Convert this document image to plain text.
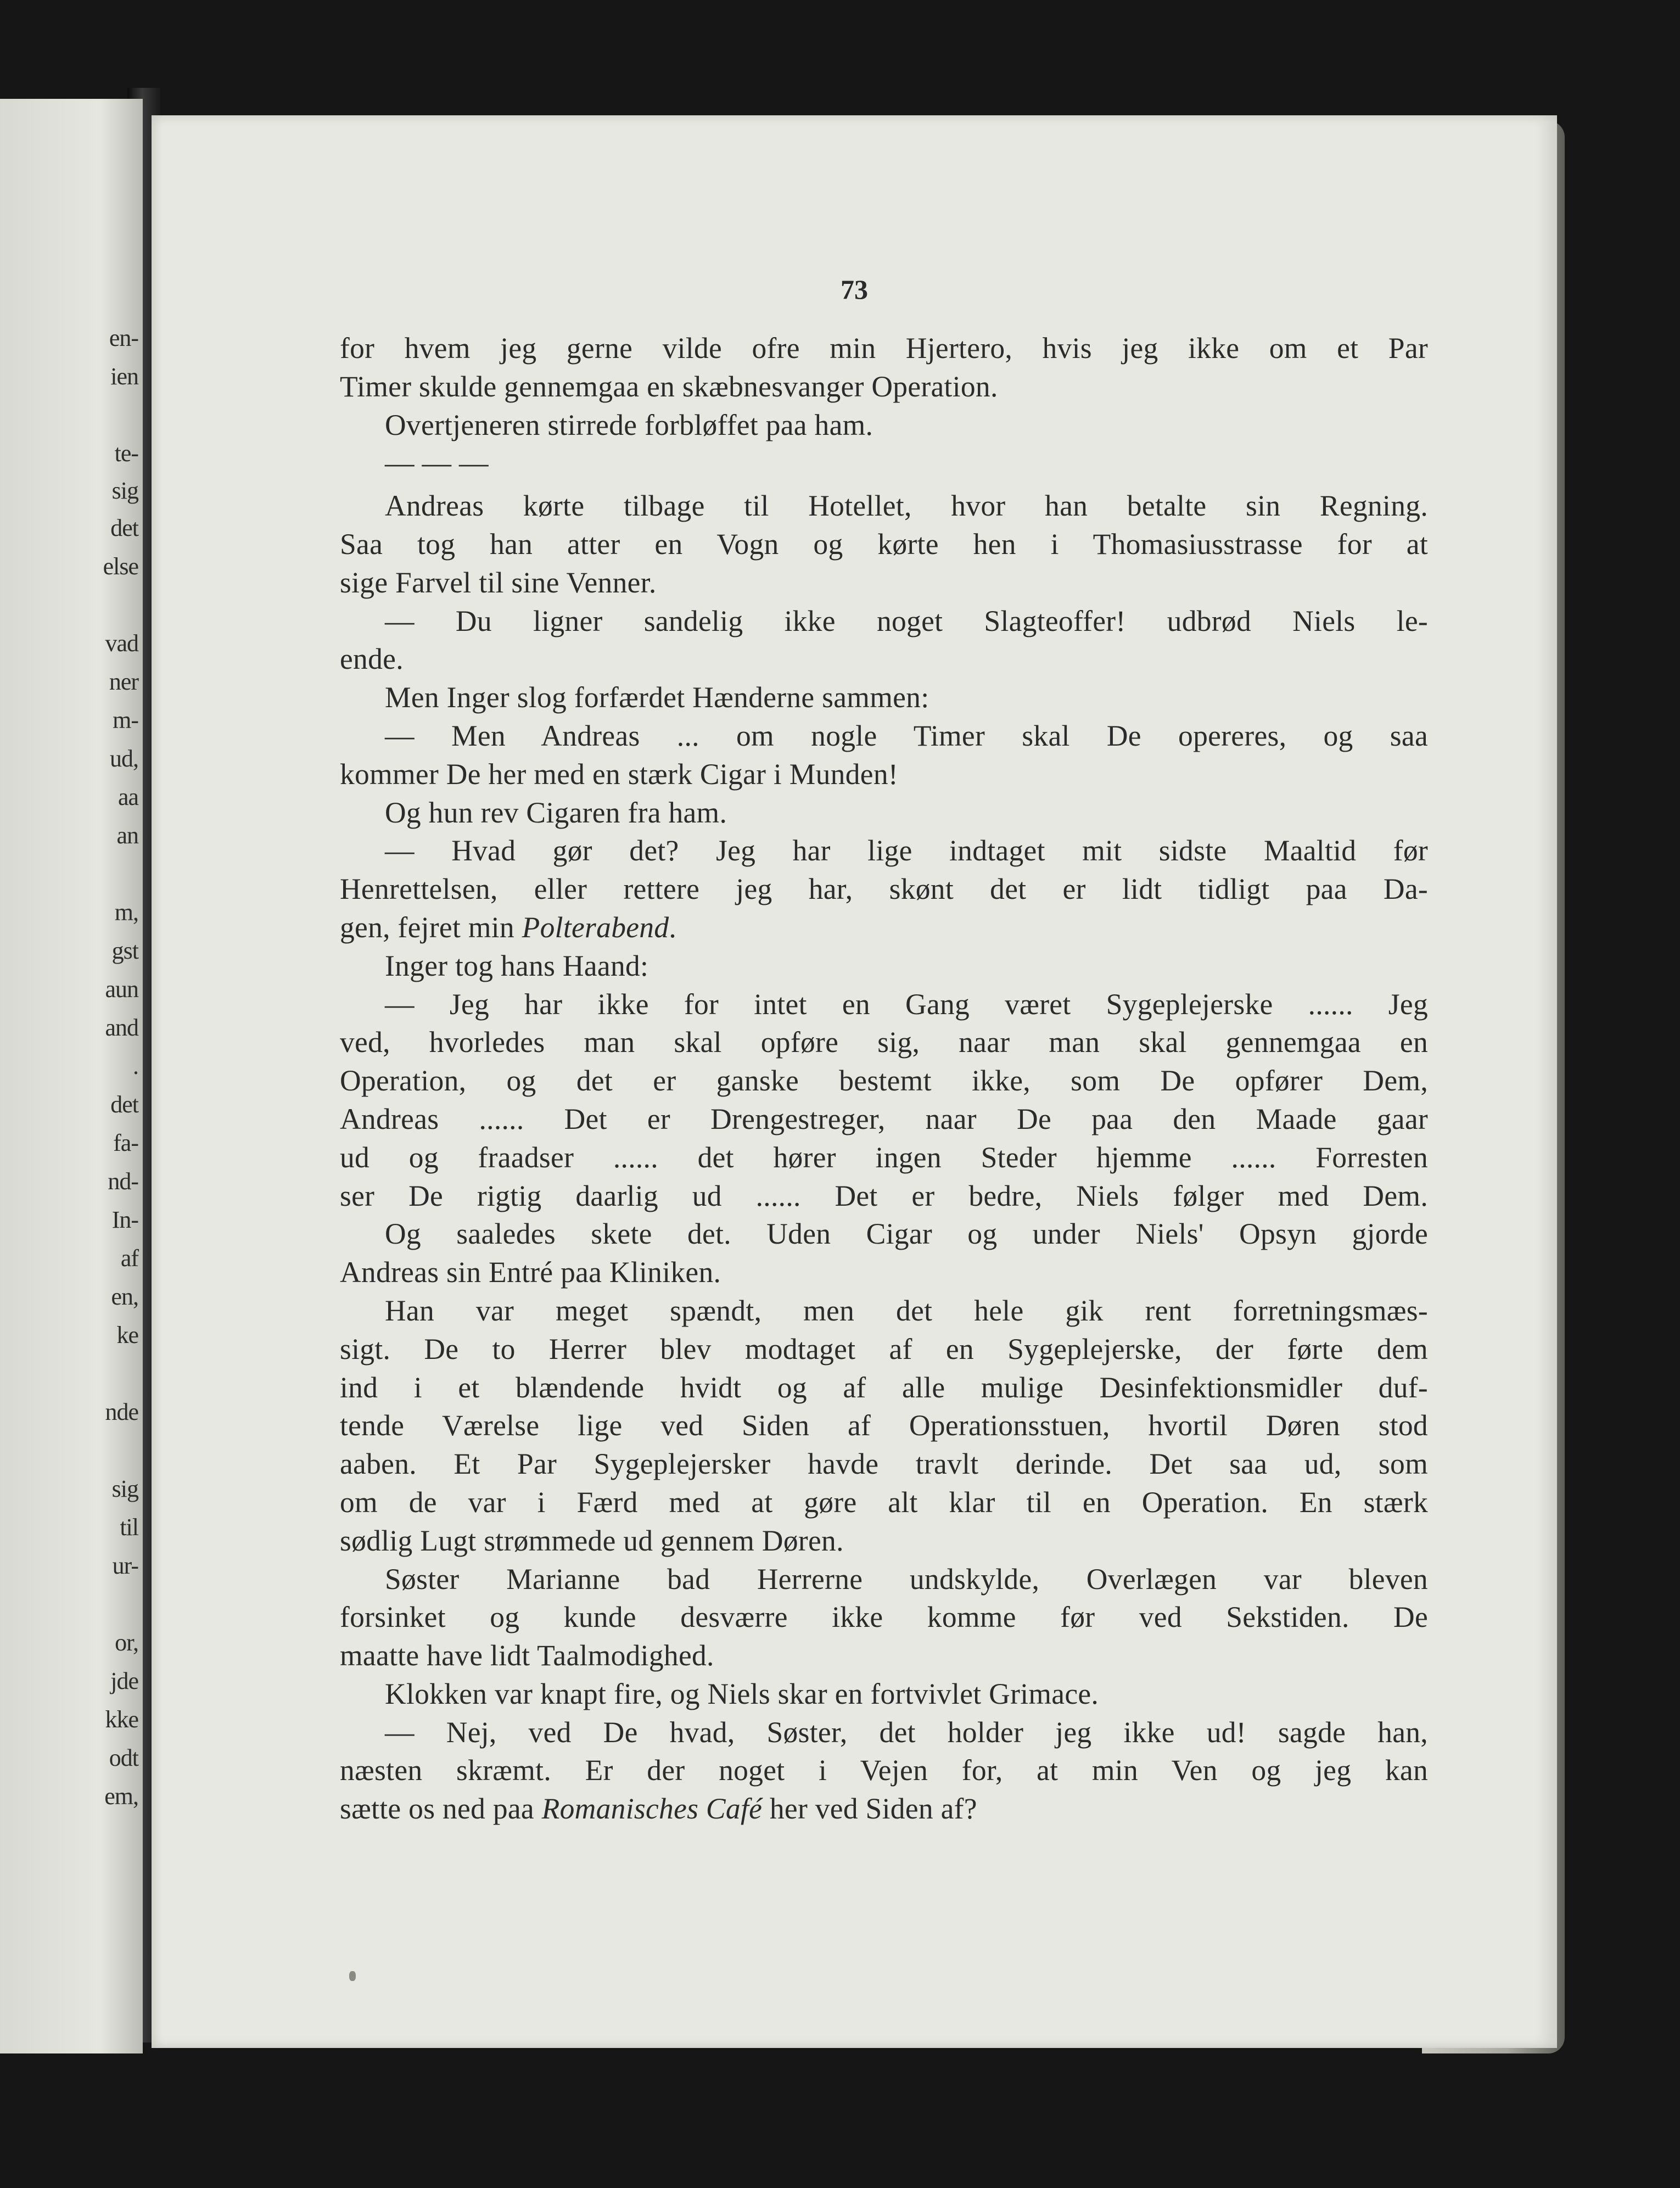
en-
ien
te-
sig
det
else
vad
ner
m-
ud,
aa
an
m,
gst
aun
and
.
det
fa-
nd-
In-
af
en,
ke
nde
sig
til
ur-
or,
jde
kke
odt
em,
73
for hvem jeg gerne vilde ofre min Hjertero, hvis jeg ikke om et Par
Timer skulde gennemgaa en skæbnesvanger Operation.
Overtjeneren stirrede forbløffet paa ham.
— — —
Andreas kørte tilbage til Hotellet, hvor han betalte sin Regning.
Saa tog han atter en Vogn og kørte hen i Thomasiusstrasse for at
sige Farvel til sine Venner.
— Du ligner sandelig ikke noget Slagteoffer! udbrød Niels le-
ende.
Men Inger slog forfærdet Hænderne sammen:
— Men Andreas ... om nogle Timer skal De opereres, og saa
kommer De her med en stærk Cigar i Munden!
Og hun rev Cigaren fra ham.
— Hvad gør det? Jeg har lige indtaget mit sidste Maaltid før
Henrettelsen, eller rettere jeg har, skønt det er lidt tidligt paa Da-
gen, fejret min Polterabend.
Inger tog hans Haand:
— Jeg har ikke for intet en Gang været Sygeplejerske ...... Jeg
ved, hvorledes man skal opføre sig, naar man skal gennemgaa en
Operation, og det er ganske bestemt ikke, som De opfører Dem,
Andreas ...... Det er Drengestreger, naar De paa den Maade gaar
ud og fraadser ...... det hører ingen Steder hjemme ...... Forresten
ser De rigtig daarlig ud ...... Det er bedre, Niels følger med Dem.
Og saaledes skete det. Uden Cigar og under Niels' Opsyn gjorde
Andreas sin Entré paa Kliniken.
Han var meget spændt, men det hele gik rent forretningsmæs-
sigt. De to Herrer blev modtaget af en Sygeplejerske, der førte dem
ind i et blændende hvidt og af alle mulige Desinfektionsmidler duf-
tende Værelse lige ved Siden af Operationsstuen, hvortil Døren stod
aaben. Et Par Sygeplejersker havde travlt derinde. Det saa ud, som
om de var i Færd med at gøre alt klar til en Operation. En stærk
sødlig Lugt strømmede ud gennem Døren.
Søster Marianne bad Herrerne undskylde, Overlægen var bleven
forsinket og kunde desværre ikke komme før ved Sekstiden. De
maatte have lidt Taalmodighed.
Klokken var knapt fire, og Niels skar en fortvivlet Grimace.
— Nej, ved De hvad, Søster, det holder jeg ikke ud! sagde han,
næsten skræmt. Er der noget i Vejen for, at min Ven og jeg kan
sætte os ned paa Romanisches Café her ved Siden af?
